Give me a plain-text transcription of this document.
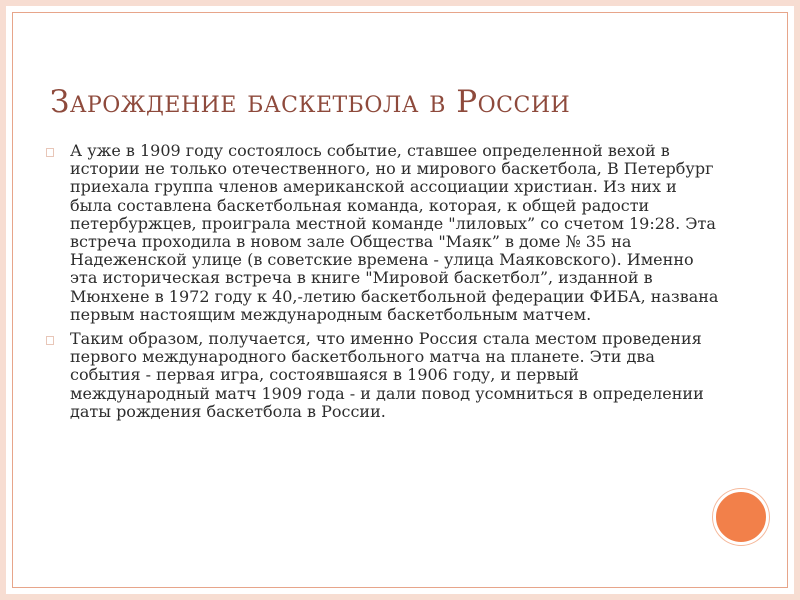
Зарождение баскетбола в России
А уже в 1909 году состоялось событие, ставшее определенной вехой в истории не только отечественного, но и мирового баскетбола, В Петербург приехала группа членов американской ассоциации христиан. Из них и была составлена баскетбольная команда, которая, к общей радости петербуржцев, проиграла местной команде "лиловых” со счетом 19:28. Эта встреча проходила в новом зале Общества "Маяк” в доме № 35 на Надеженской улице (в советские времена - улица Маяковского). Именно эта историческая встреча в книге "Мировой баскетбол”, изданной в Мюнхене в 1972 году к 40,-летию баскетбольной федерации ФИБА, названа первым настоящим международным баскетбольным матчем.
Таким образом, получается, что именно Россия стала местом проведения первого международного баскетбольного матча на планете. Эти два события - первая игра, состоявшаяся в 1906 году, и первый международный матч 1909 года - и дали повод усомниться в определении даты рождения баскетбола в России.
